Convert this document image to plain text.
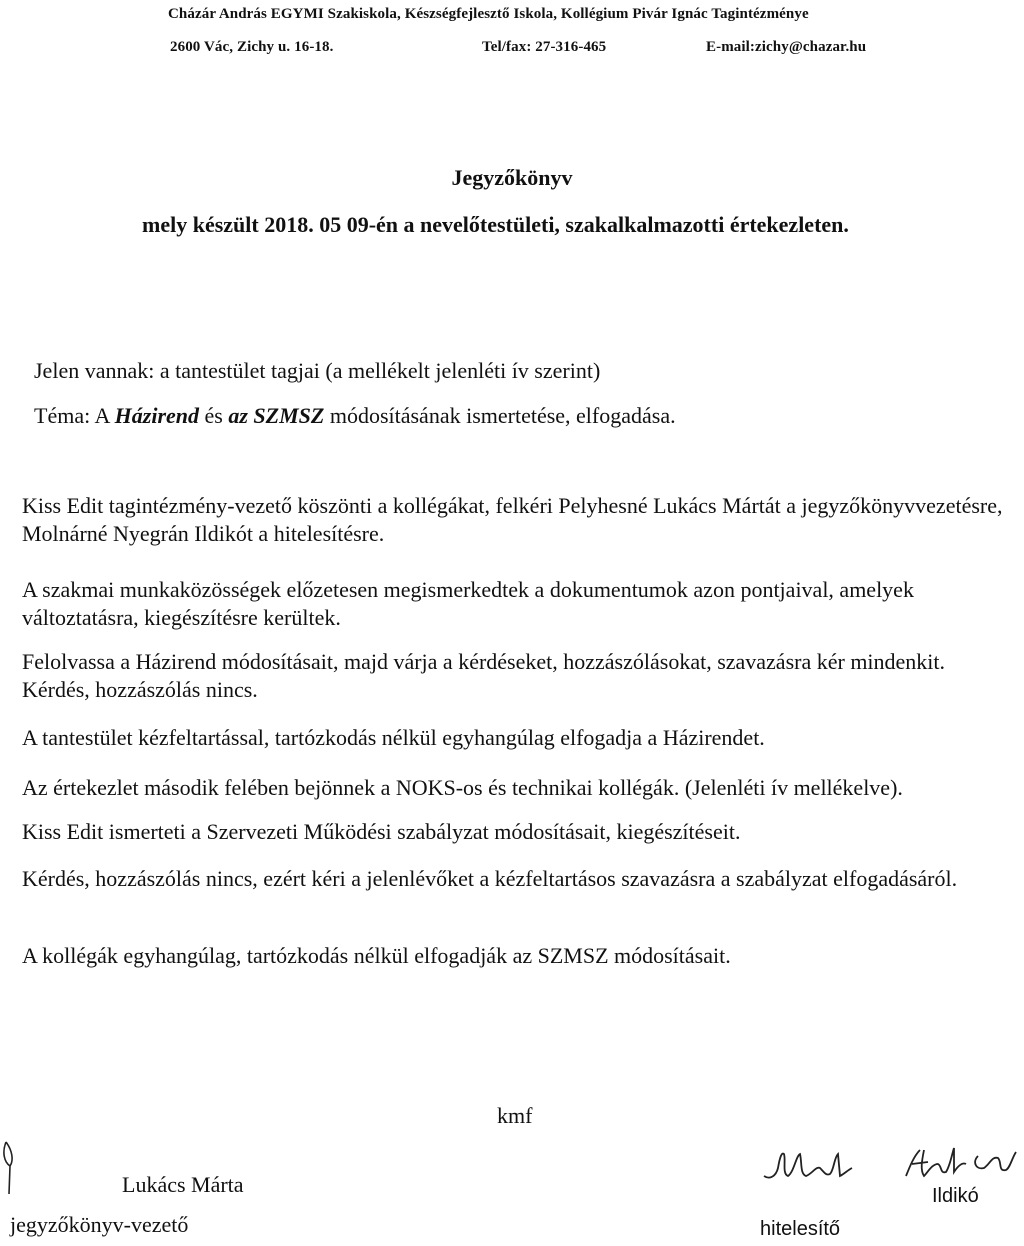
Cházár András EGYMI Szakiskola, Készségfejlesztő Iskola, Kollégium Pivár Ignác Tagintézménye
2600 Vác, Zichy u. 16-18.	Tel/fax: 27-316-465	E-mail:zichy@chazar.hu
Jegyzőkönyv
mely készült 2018. 05 09-én a nevelőtestületi, szakalkalmazotti értekezleten.
Jelen vannak: a tantestület tagjai (a mellékelt jelenléti ív szerint)
Téma: A Házirend és az SZMSZ módosításának ismertetése, elfogadása.
Kiss Edit tagintézmény-vezető köszönti a kollégákat, felkéri Pelyhesné Lukács Mártát a jegyzőkönyvvezetésre, Molnárné Nyegrán Ildikót a hitelesítésre.
A szakmai munkaközösségek előzetesen megismerkedtek a dokumentumok azon pontjaival, amelyek változtatásra, kiegészítésre kerültek.
Felolvassa a Házirend módosításait, majd várja a kérdéseket, hozzászólásokat, szavazásra kér mindenkit. Kérdés, hozzászólás nincs.
A tantestület kézfeltartással, tartózkodás nélkül egyhangúlag elfogadja a Házirendet.
Az értekezlet második felében bejönnek a NOKS-os és technikai kollégák. (Jelenléti ív mellékelve).
Kiss Edit ismerteti a Szervezeti Működési szabályzat módosításait, kiegészítéseit.
Kérdés, hozzászólás nincs, ezért kéri a jelenlévőket a kézfeltartásos szavazásra a szabályzat elfogadásáról.
A kollégák egyhangúlag, tartózkodás nélkül elfogadják az SZMSZ módosításait.
kmf
Lukács Márta
jegyzőkönyv-vezető
Ildikó
hitelesítő
